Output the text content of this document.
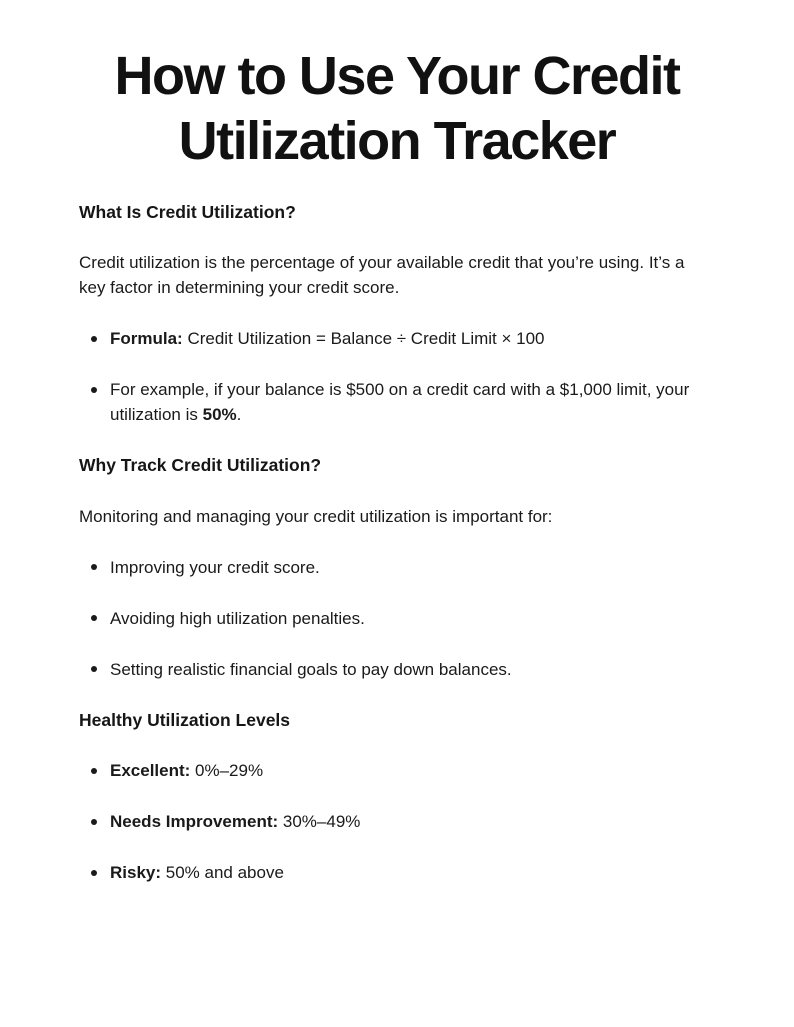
How to Use Your Credit
Utilization Tracker
What Is Credit Utilization?

Credit utilization is the percentage of your available credit that you’re using. It’s a key factor in determining your credit score.

Formula: Credit Utilization = Balance ÷ Credit Limit × 100
For example, if your balance is $500 on a credit card with a $1,000 limit, your utilization is 50%.
Why Track Credit Utilization?

Monitoring and managing your credit utilization is important for:

Improving your credit score.
Avoiding high utilization penalties.
Setting realistic financial goals to pay down balances.
Healthy Utilization Levels
Excellent: 0%–29%
Needs Improvement: 30%–49%
Risky: 50% and above
